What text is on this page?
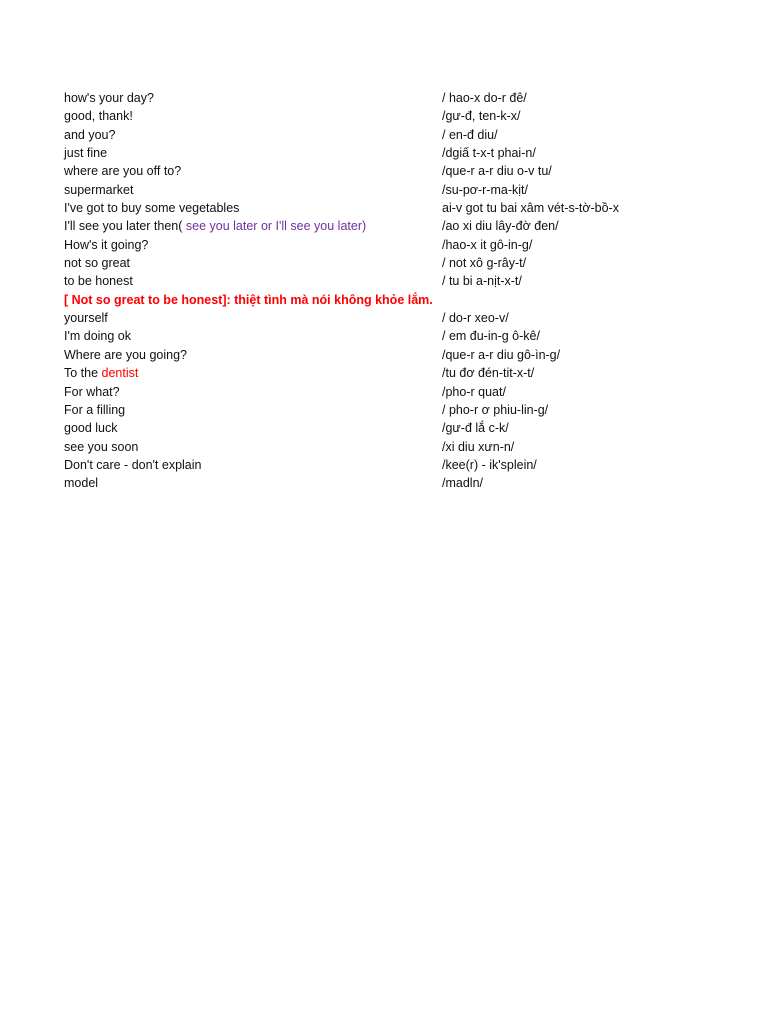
how's your day?	/ hao-x do-r đê/
good, thank!	/gư-đ, ten-k-x/
and you?	/ en-đ diu/
just fine	/dgiấ t-x-t phai-n/
where are you off to?	/que-r a-r diu o-v tu/
supermarket	/su-pơ-r-ma-kịt/
I've got to buy some vegetables	ai-v got tu bai xâm vét-s-tờ-bồ-x
I'll see you later then( see you later or I'll see you later)	/ao xi diu lây-đờ đen/
How's it going?	/hao-x it gô-in-g/
not so great	/ not xô g-rây-t/
to be honest	/ tu bi a-nịt-x-t/
[ Not so great to be honest]: thiệt tình mà nói không khỏe lắm.
yourself	/ do-r xeo-v/
I'm doing ok	/ em đu-in-g ô-kê/
Where are you going?	/que-r a-r diu gô-ìn-g/
To the dentist	/tu đơ đén-tit-x-t/
For what?	/pho-r quat/
For a filling	/ pho-r ơ phiu-lin-g/
good luck	/gư-đ lắ c-k/
see you soon	/xi diu xưn-n/
Don't care - don't explain	/kee(r) - ik'splein/
model	/madln/
